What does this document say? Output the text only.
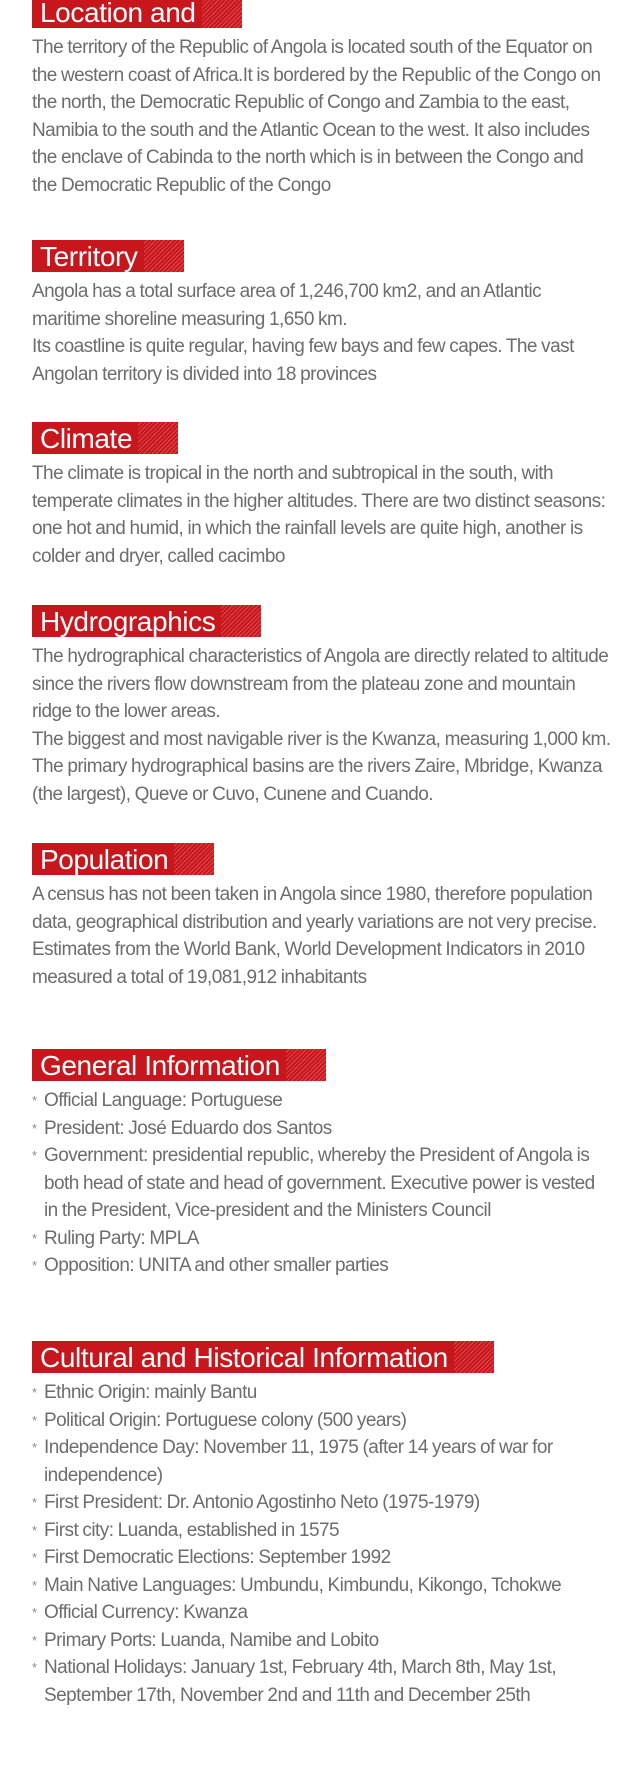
Location and

The territory of the Republic of Angola is located south of the Equator on the western coast of Africa.It is bordered by the Republic of the Congo on the north, the Democratic Republic of Congo and Zambia to the east, Namibia to the south and the Atlantic Ocean to the west. It also includes the enclave of Cabinda to the north which is in between the Congo and the Democratic Republic of the Congo

Territory

Angola has a total surface area of 1,246,700 km2, and an Atlantic maritime shoreline measuring 1,650 km.

Its coastline is quite regular, having few bays and few capes. The vast Angolan territory is divided into 18 provinces

Climate

The climate is tropical in the north and subtropical in the south, with temperate climates in the higher altitudes. There are two distinct seasons: one hot and humid, in which the rainfall levels are quite high, another is colder and dryer, called cacimbo

Hydrographics

The hydrographical characteristics of Angola are directly related to altitude since the rivers flow downstream from the plateau zone and mountain ridge to the lower areas.

The biggest and most navigable river is the Kwanza, measuring 1,000 km. The primary hydrographical basins are the rivers Zaire, Mbridge, Kwanza (the largest), Queve or Cuvo, Cunene and Cuando.

Population

A census has not been taken in Angola since 1980, therefore population data, geographical distribution and yearly variations are not very precise.

Estimates from the World Bank, World Development Indicators in 2010 measured a total of 19,081,912 inhabitants

General Information
* Official Language: Portuguese
* President: José Eduardo dos Santos
* Government: presidential republic, whereby the President of Angola is both head of state and head of government. Executive power is vested in the President, Vice-president and the Ministers Council
* Ruling Party: MPLA
* Opposition: UNITA and other smaller parties
Cultural and Historical Information
* Ethnic Origin: mainly Bantu
* Political Origin: Portuguese colony (500 years)
* Independence Day: November 11, 1975 (after 14 years of war for independence)
* First President: Dr. Antonio Agostinho Neto (1975-1979)
* First city: Luanda, established in 1575
* First Democratic Elections: September 1992
* Main Native Languages: Umbundu, Kimbundu, Kikongo, Tchokwe
* Official Currency: Kwanza
* Primary Ports: Luanda, Namibe and Lobito
* National Holidays: January 1st, February 4th, March 8th, May 1st, September 17th, November 2nd and 11th and December 25th
